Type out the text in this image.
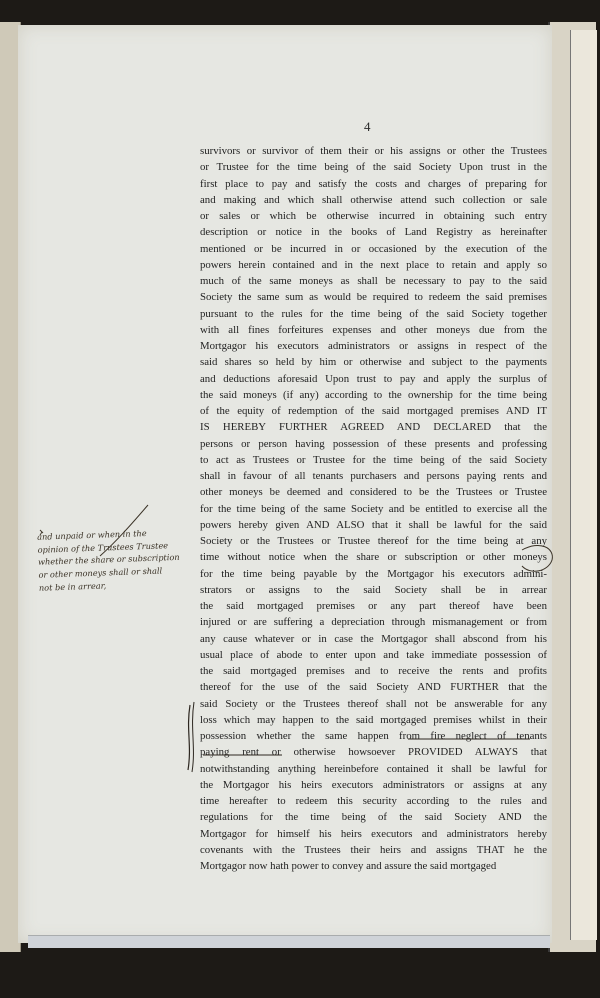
4
survivors or survivor of them their or his assigns or other the Trustees
or Trustee for the time being of the said Society Upon trust in the
first place to pay and satisfy the costs and charges of preparing for
and making and which shall otherwise attend such collection or sale
or sales or which be otherwise incurred in obtaining such entry
description or notice in the books of Land Registry as hereinafter
mentioned or be incurred in or occasioned by the execution of the
powers herein contained and in the next place to retain and apply so
much of the same moneys as shall be necessary to pay to the said
Society the same sum as would be required to redeem the said premises
pursuant to the rules for the time being of the said Society together
with all fines forfeitures expenses and other moneys due from the
Mortgagor his executors administrators or assigns in respect of the
said shares so held by him or otherwise and subject to the payments
and deductions aforesaid Upon trust to pay and apply the surplus of
the said moneys (if any) according to the ownership for the time being
of the equity of redemption of the said mortgaged premises AND IT
IS HEREBY FURTHER AGREED AND DECLARED that the
persons or person having possession of these presents and professing
to act as Trustees or Trustee for the time being of the said Society
shall in favour of all tenants purchasers and persons paying rents and
other moneys be deemed and considered to be the Trustees or Trustee
for the time being of the same Society and be entitled to exercise all the
powers hereby given AND ALSO that it shall be lawful for the said
Society or the Trustees or Trustee thereof for the time being at any
time without notice when the share or subscription or other moneys
for the time being payable by the Mortgagor his executors admini-
strators or assigns to the said Society shall be in arrear
the said mortgaged premises or any part thereof have been
injured or are suffering a depreciation through mismanagement or from
any cause whatever or in case the Mortgagor shall abscond from his
usual place of abode to enter upon and take immediate possession of
the said mortgaged premises and to receive the rents and profits
thereof for the use of the said Society AND FURTHER that the
said Society or the Trustees thereof shall not be answerable for any
loss which may happen to the said mortgaged premises whilst in their
possession whether the same happen from fire neglect of tenants
paying rent or otherwise howsoever PROVIDED ALWAYS that
notwithstanding anything hereinbefore contained it shall be lawful for
the Mortgagor his heirs executors administrators or assigns at any
time hereafter to redeem this security according to the rules and
regulations for the time being of the said Society AND the
Mortgagor for himself his heirs executors and administrators hereby
covenants with the Trustees their heirs and assigns THAT he the
Mortgagor now hath power to convey and assure the said mortgaged
and unpaid or when in the
opinion of the Trustees Trustee
whether the share or subscription
or other moneys shall or shall
not be in arrear,
